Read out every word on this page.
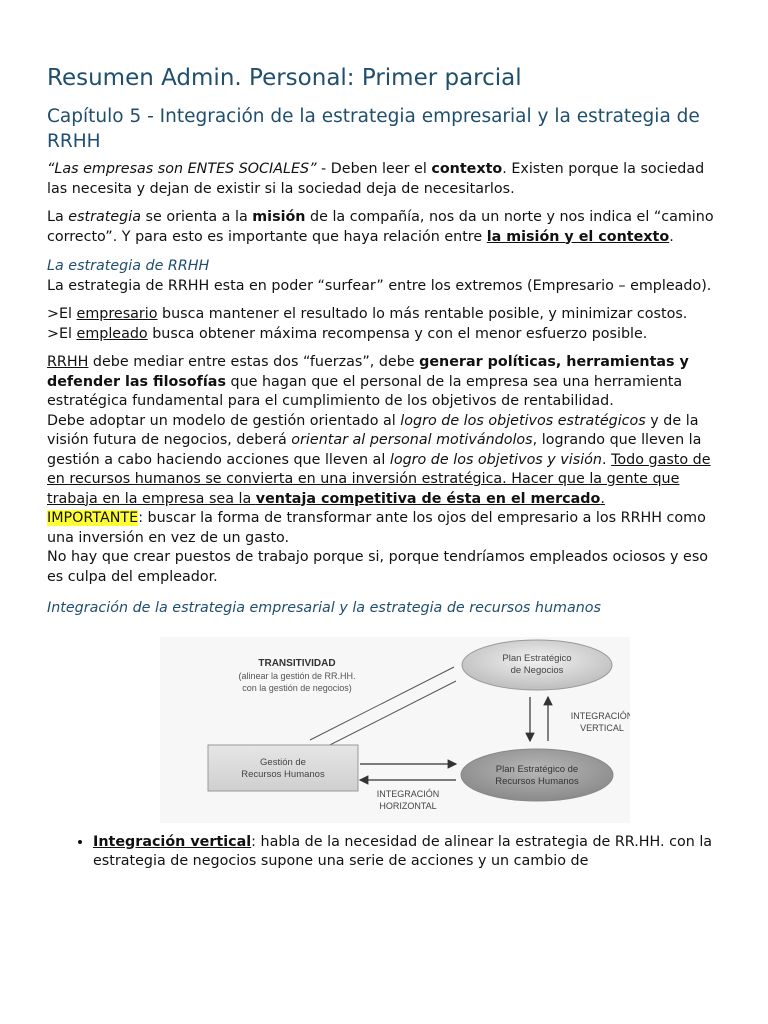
Resumen Admin. Personal: Primer parcial
Capítulo 5 - Integración de la estrategia empresarial y la estrategia de RRHH

“Las empresas son ENTES SOCIALES” - Deben leer el contexto. Existen porque la sociedad las necesita y dejan de existir si la sociedad deja de necesitarlos.

La estrategia se orienta a la misión de la compañía, nos da un norte y nos indica el “camino correcto”. Y para esto es importante que haya relación entre la misión y el contexto.

La estrategia de RRHH

La estrategia de RRHH esta en poder “surfear” entre los extremos (Empresario – empleado).

>El empresario busca mantener el resultado lo más rentable posible, y minimizar costos.
>El empleado busca obtener máxima recompensa y con el menor esfuerzo posible.

RRHH debe mediar entre estas dos “fuerzas”, debe generar políticas, herramientas y defender las filosofías que hagan que el personal de la empresa sea una herramienta estratégica fundamental para el cumplimiento de los objetivos de rentabilidad.

Debe adoptar un modelo de gestión orientado al logro de los objetivos estratégicos y de la visión futura de negocios, deberá orientar al personal motivándolos, logrando que lleven la gestión a cabo haciendo acciones que lleven al logro de los objetivos y visión. Todo gasto de en recursos humanos se convierta en una inversión estratégica. Hacer que la gente que trabaja en la empresa sea la ventaja competitiva de ésta en el mercado.

IMPORTANTE: buscar la forma de transformar ante los ojos del empresario a los RRHH como una inversión en vez de un gasto.

No hay que crear puestos de trabajo porque si, porque tendríamos empleados ociosos y eso es culpa del empleador.

Integración de la estrategia empresarial y la estrategia de recursos humanos
TRANSITIVIDAD
(alinear la gestión de RR.HH.
con la gestión de negocios)
Plan Estratégico
de Negocios
INTEGRACIÓN
VERTICAL
Gestión de
Recursos Humanos	Plan Estratégico de
Recursos Humanos
INTEGRACIÓN
HORIZONTAL
• Integración vertical: habla de la necesidad de alinear la estrategia de RR.HH. con la estrategia de negocios supone una serie de acciones y un cambio de
